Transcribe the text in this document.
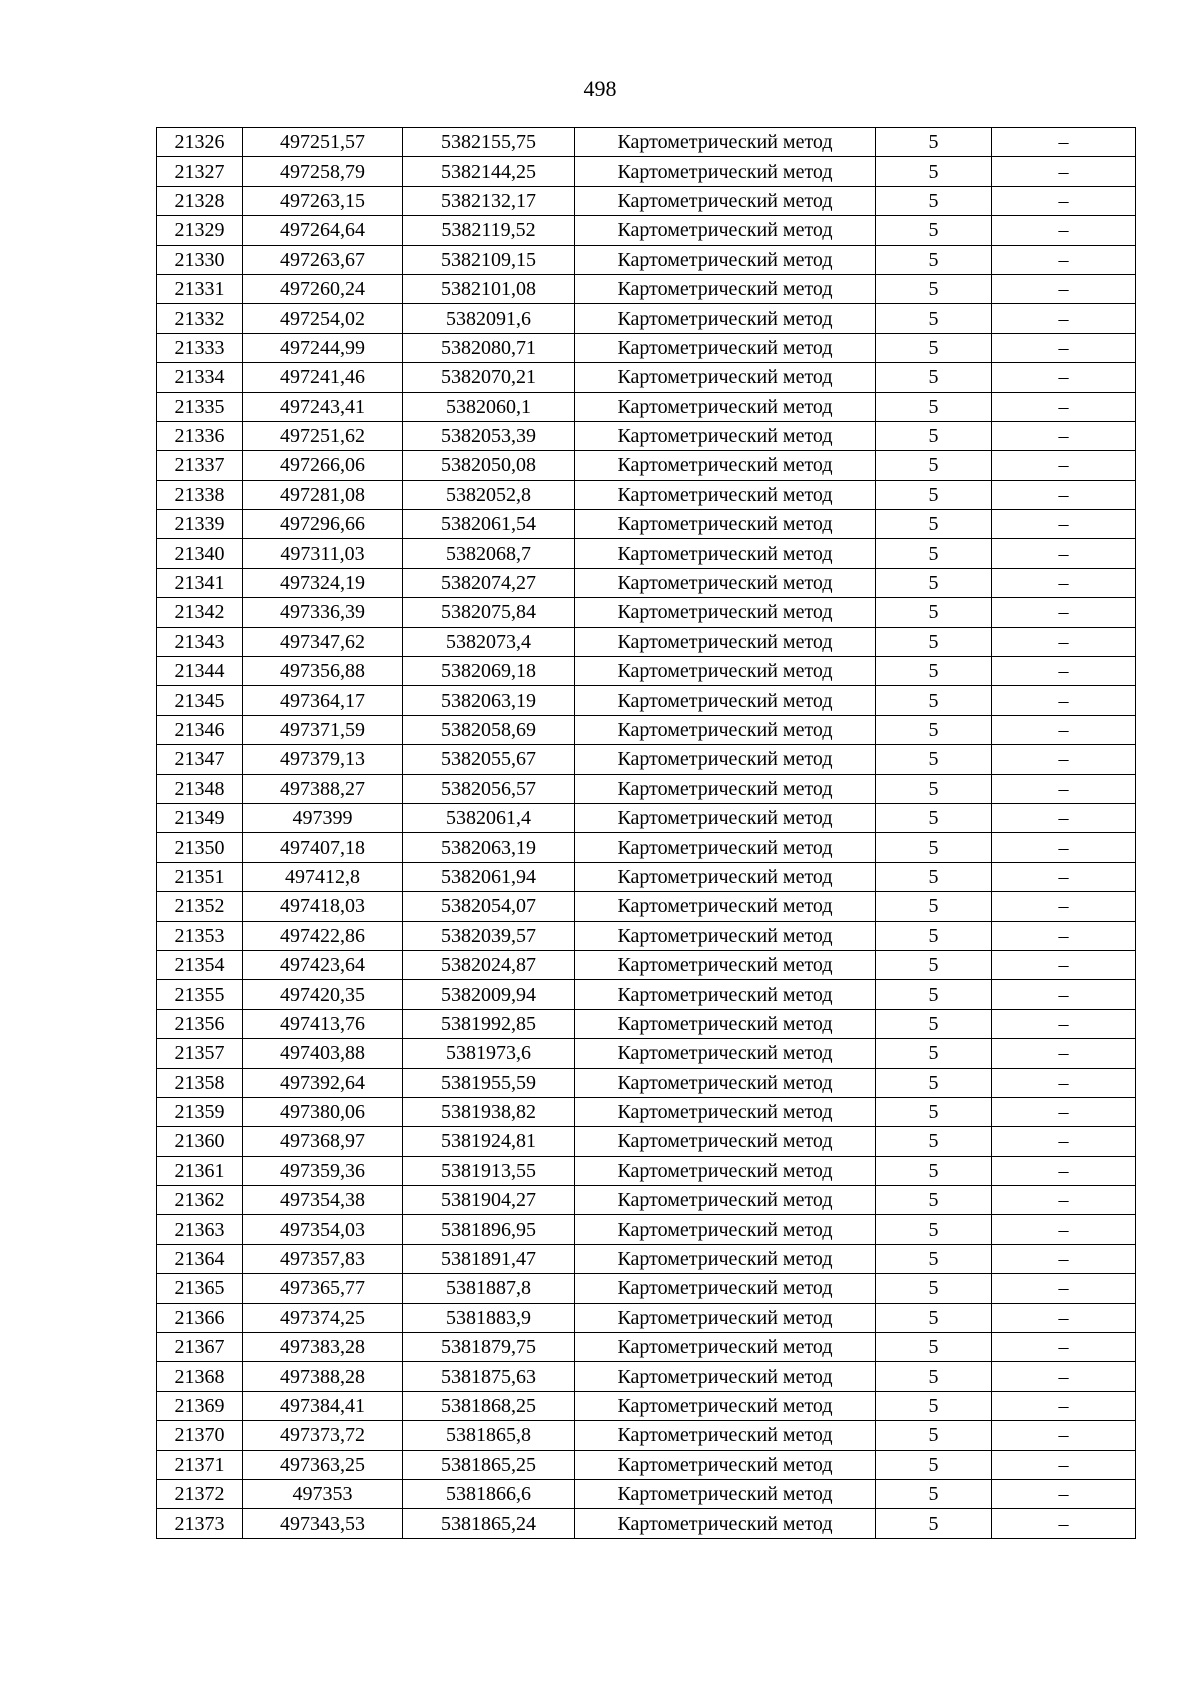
498
21326	497251,57	5382155,75	Картометрический метод	5	–
21327	497258,79	5382144,25	Картометрический метод	5	–
21328	497263,15	5382132,17	Картометрический метод	5	–
21329	497264,64	5382119,52	Картометрический метод	5	–
21330	497263,67	5382109,15	Картометрический метод	5	–
21331	497260,24	5382101,08	Картометрический метод	5	–
21332	497254,02	5382091,6	Картометрический метод	5	–
21333	497244,99	5382080,71	Картометрический метод	5	–
21334	497241,46	5382070,21	Картометрический метод	5	–
21335	497243,41	5382060,1	Картометрический метод	5	–
21336	497251,62	5382053,39	Картометрический метод	5	–
21337	497266,06	5382050,08	Картометрический метод	5	–
21338	497281,08	5382052,8	Картометрический метод	5	–
21339	497296,66	5382061,54	Картометрический метод	5	–
21340	497311,03	5382068,7	Картометрический метод	5	–
21341	497324,19	5382074,27	Картометрический метод	5	–
21342	497336,39	5382075,84	Картометрический метод	5	–
21343	497347,62	5382073,4	Картометрический метод	5	–
21344	497356,88	5382069,18	Картометрический метод	5	–
21345	497364,17	5382063,19	Картометрический метод	5	–
21346	497371,59	5382058,69	Картометрический метод	5	–
21347	497379,13	5382055,67	Картометрический метод	5	–
21348	497388,27	5382056,57	Картометрический метод	5	–
21349	497399	5382061,4	Картометрический метод	5	–
21350	497407,18	5382063,19	Картометрический метод	5	–
21351	497412,8	5382061,94	Картометрический метод	5	–
21352	497418,03	5382054,07	Картометрический метод	5	–
21353	497422,86	5382039,57	Картометрический метод	5	–
21354	497423,64	5382024,87	Картометрический метод	5	–
21355	497420,35	5382009,94	Картометрический метод	5	–
21356	497413,76	5381992,85	Картометрический метод	5	–
21357	497403,88	5381973,6	Картометрический метод	5	–
21358	497392,64	5381955,59	Картометрический метод	5	–
21359	497380,06	5381938,82	Картометрический метод	5	–
21360	497368,97	5381924,81	Картометрический метод	5	–
21361	497359,36	5381913,55	Картометрический метод	5	–
21362	497354,38	5381904,27	Картометрический метод	5	–
21363	497354,03	5381896,95	Картометрический метод	5	–
21364	497357,83	5381891,47	Картометрический метод	5	–
21365	497365,77	5381887,8	Картометрический метод	5	–
21366	497374,25	5381883,9	Картометрический метод	5	–
21367	497383,28	5381879,75	Картометрический метод	5	–
21368	497388,28	5381875,63	Картометрический метод	5	–
21369	497384,41	5381868,25	Картометрический метод	5	–
21370	497373,72	5381865,8	Картометрический метод	5	–
21371	497363,25	5381865,25	Картометрический метод	5	–
21372	497353	5381866,6	Картометрический метод	5	–
21373	497343,53	5381865,24	Картометрический метод	5	–
